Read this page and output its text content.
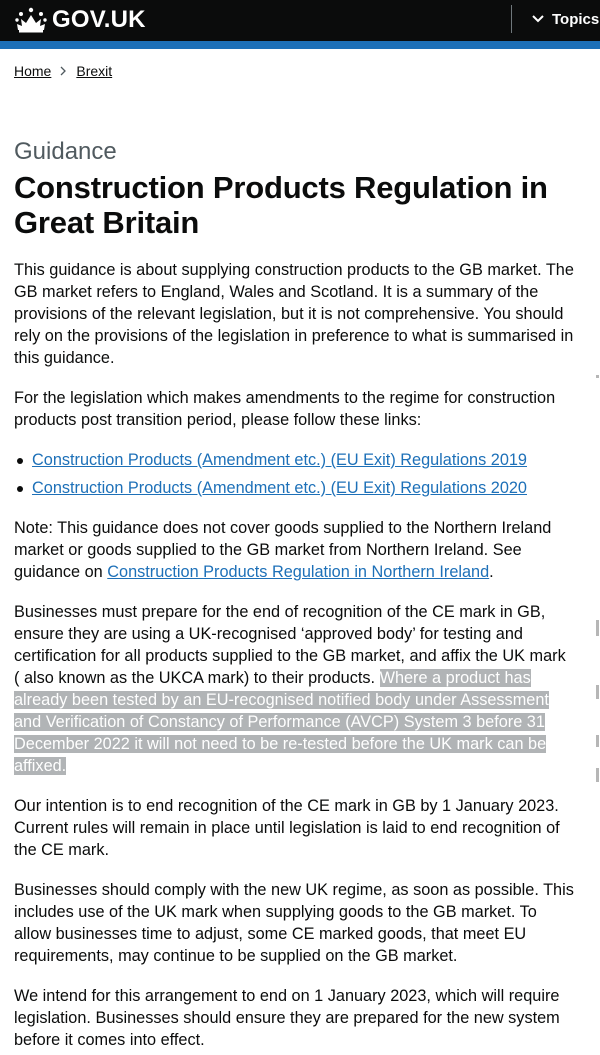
GOV.UK	Topics
Home Brexit
Guidance
Construction Products Regulation in Great Britain

This guidance is about supplying construction products to the GB market. The GB market refers to England, Wales and Scotland. It is a summary of the provisions of the relevant legislation, but it is not comprehensive. You should rely on the provisions of the legislation in preference to what is summarised in this guidance.

For the legislation which makes amendments to the regime for construction products post transition period, please follow these links:

Construction Products (Amendment etc.) (EU Exit) Regulations 2019
Construction Products (Amendment etc.) (EU Exit) Regulations 2020

Note: This guidance does not cover goods supplied to the Northern Ireland market or goods supplied to the GB market from Northern Ireland. See guidance on Construction Products Regulation in Northern Ireland.

Businesses must prepare for the end of recognition of the CE mark in GB, ensure they are using a UK-recognised ‘approved body’ for testing and certification for all products supplied to the GB market, and affix the UK mark ( also known as the UKCA mark) to their products. Where a product has already been tested by an EU-recognised notified body under Assessment and Verification of Constancy of Performance (AVCP) System 3 before 31 December 2022 it will not need to be re-tested before the UK mark can be affixed.

Our intention is to end recognition of the CE mark in GB by 1 January 2023. Current rules will remain in place until legislation is laid to end recognition of the CE mark.

Businesses should comply with the new UK regime, as soon as possible. This includes use of the UK mark when supplying goods to the GB market. To allow businesses time to adjust, some CE marked goods, that meet EU requirements, may continue to be supplied on the GB market.

We intend for this arrangement to end on 1 January 2023, which will require legislation. Businesses should ensure they are prepared for the new system before it comes into effect.
